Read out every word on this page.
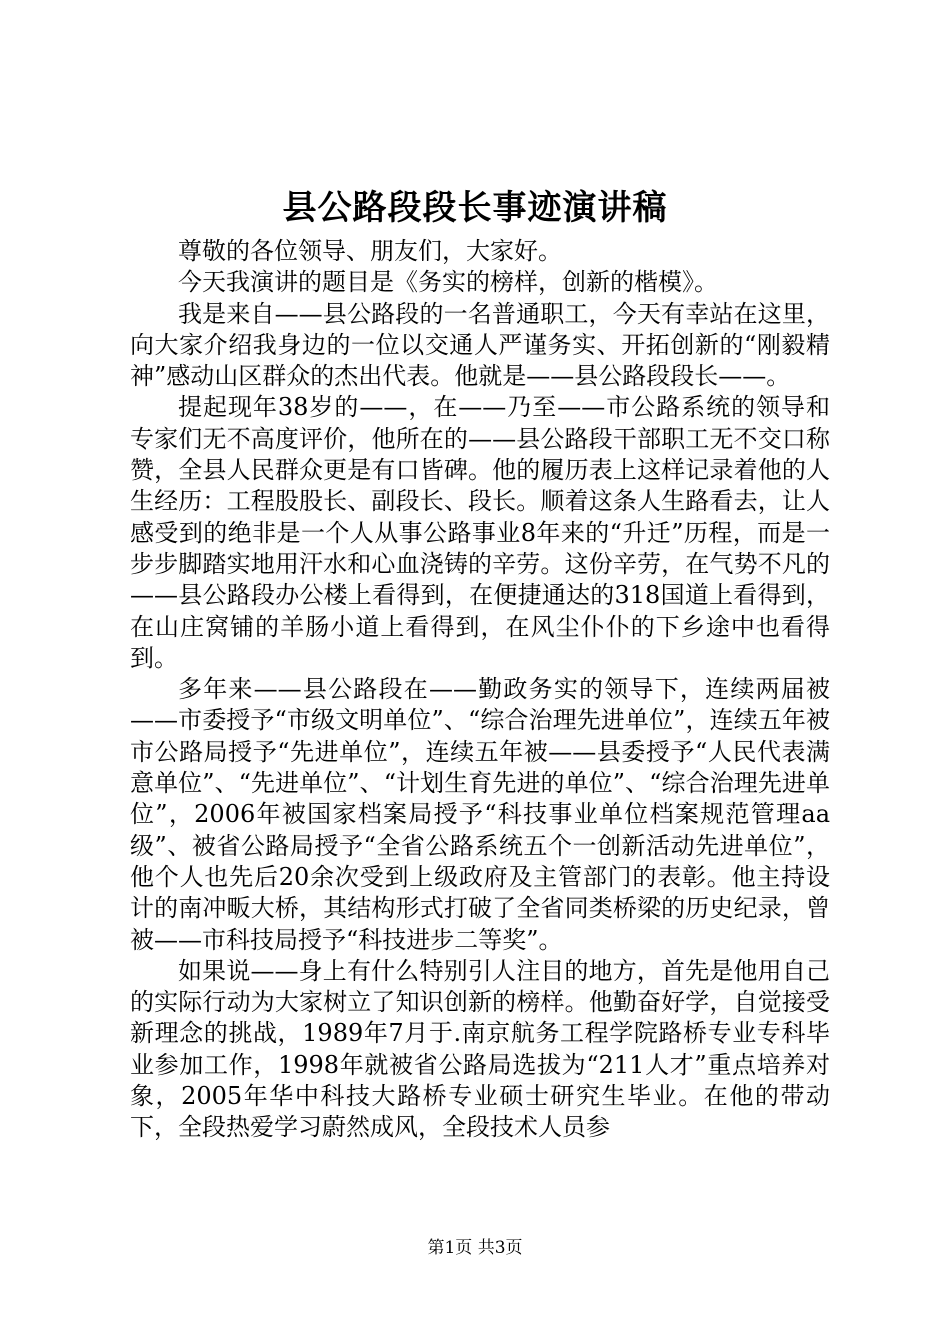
县公路段段长事迹演讲稿

尊敬的各位领导、朋友们，大家好。

今天我演讲的题目是《务实的榜样，创新的楷模》。

我是来自——县公路段的一名普通职工，今天有幸站在这里，向大家介绍我身边的一位以交通人严谨务实、开拓创新的“刚毅精神”感动山区群众的杰出代表。他就是——县公路段段长——。

提起现年38岁的——，在——乃至——市公路系统的领导和专家们无不高度评价，他所在的——县公路段干部职工无不交口称赞，全县人民群众更是有口皆碑。他的履历表上这样记录着他的人生经历：工程股股长、副段长、段长。顺着这条人生路看去，让人感受到的绝非是一个人从事公路事业8年来的“升迁”历程，而是一步步脚踏实地用汗水和心血浇铸的辛劳。这份辛劳，在气势不凡的——县公路段办公楼上看得到，在便捷通达的318国道上看得到，在山庄窝铺的羊肠小道上看得到，在风尘仆仆的下乡途中也看得到。

多年来——县公路段在——勤政务实的领导下，连续两届被——市委授予“市级文明单位”、“综合治理先进单位”，连续五年被市公路局授予“先进单位”，连续五年被——县委授予“人民代表满意单位”、“先进单位”、“计划生育先进的单位”、“综合治理先进单位”，2006年被国家档案局授予“科技事业单位档案规范管理aa级”、被省公路局授予“全省公路系统五个一创新活动先进单位”，他个人也先后20余次受到上级政府及主管部门的表彰。他主持设计的南冲畈大桥，其结构形式打破了全省同类桥梁的历史纪录，曾被——市科技局授予“科技进步二等奖”。

如果说——身上有什么特别引人注目的地方，首先是他用自己的实际行动为大家树立了知识创新的榜样。他勤奋好学，自觉接受新理念的挑战，1989年7月于.南京航务工程学院路桥专业专科毕业参加工作，1998年就被省公路局选拔为“211人才”重点培养对象，2005年华中科技大路桥专业硕士研究生毕业。在他的带动下，全段热爱学习蔚然成风，全段技术人员参

第1页 共3页
